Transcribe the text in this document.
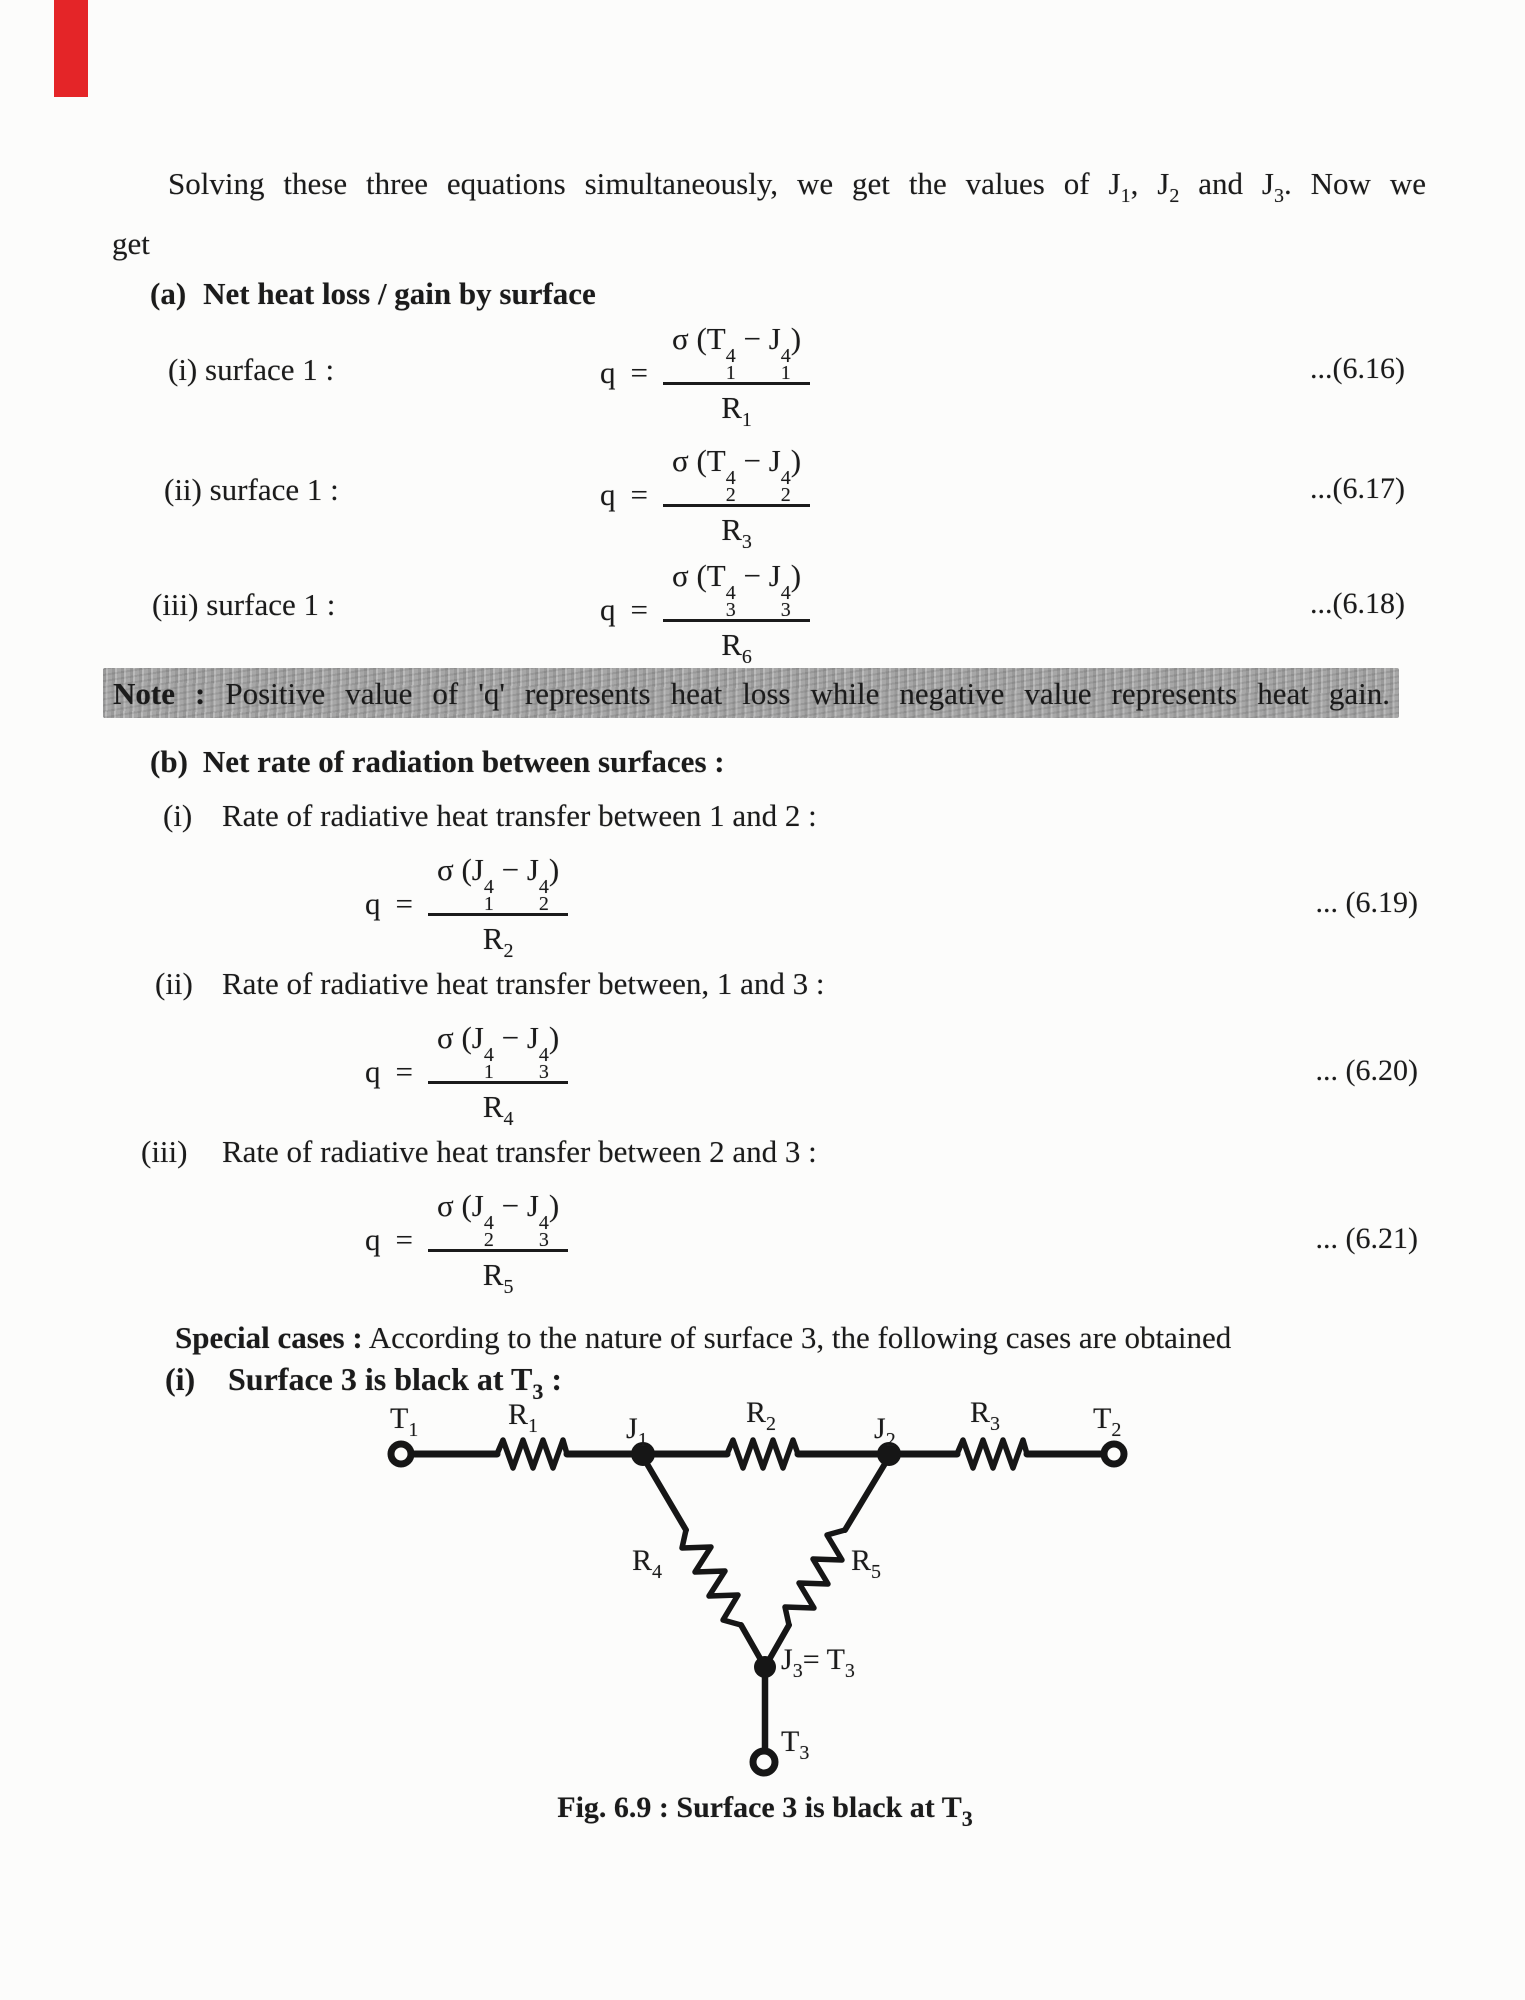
Solving these three equations simultaneously, we get the values of $J_1$, $J_2$ and $J_3$. Now we
get
(a) Net heat loss / gain by surface
(i) surface 1 :	q = σ (T 4
1
− J 4
1
)
$R_1$	...(6.16)
(ii) surface 1 :	q = σ (T 4
2
− J 4
2
)
$R_3$	...(6.17)
(iii) surface 1 :	q = σ (T 4
3
− J 4
3
)
$R_6$	...(6.18)
Note : Positive value of 'q' represents heat loss while negative value represents heat gain.
(b) Net rate of radiation between surfaces :
(i) Rate of radiative heat transfer between 1 and 2 :
q = σ (J 4
1
− J 4
2
)
$R_2$	... (6.19)
(ii) Rate of radiative heat transfer between, 1 and 3 :
q = σ (J 4
1
− J 4
3
)
$R_4$	... (6.20)
(iii) Rate of radiative heat transfer between 2 and 3 :
q = σ (J 4
2
− J 4
3
)
$R_5$	... (6.21)
Special cases : According to the nature of surface 3, the following cases are obtained
(i) Surface 3 is black at $T_3$ :
$T_1$	$R_1$	$J_1$
$R_2$	$J_2$
$R_3$	$T_2$
$R_4$	$R_5$
$J_3= T_3$
$T_3$
Fig. 6.9 : Surface 3 is black at $T_3$
